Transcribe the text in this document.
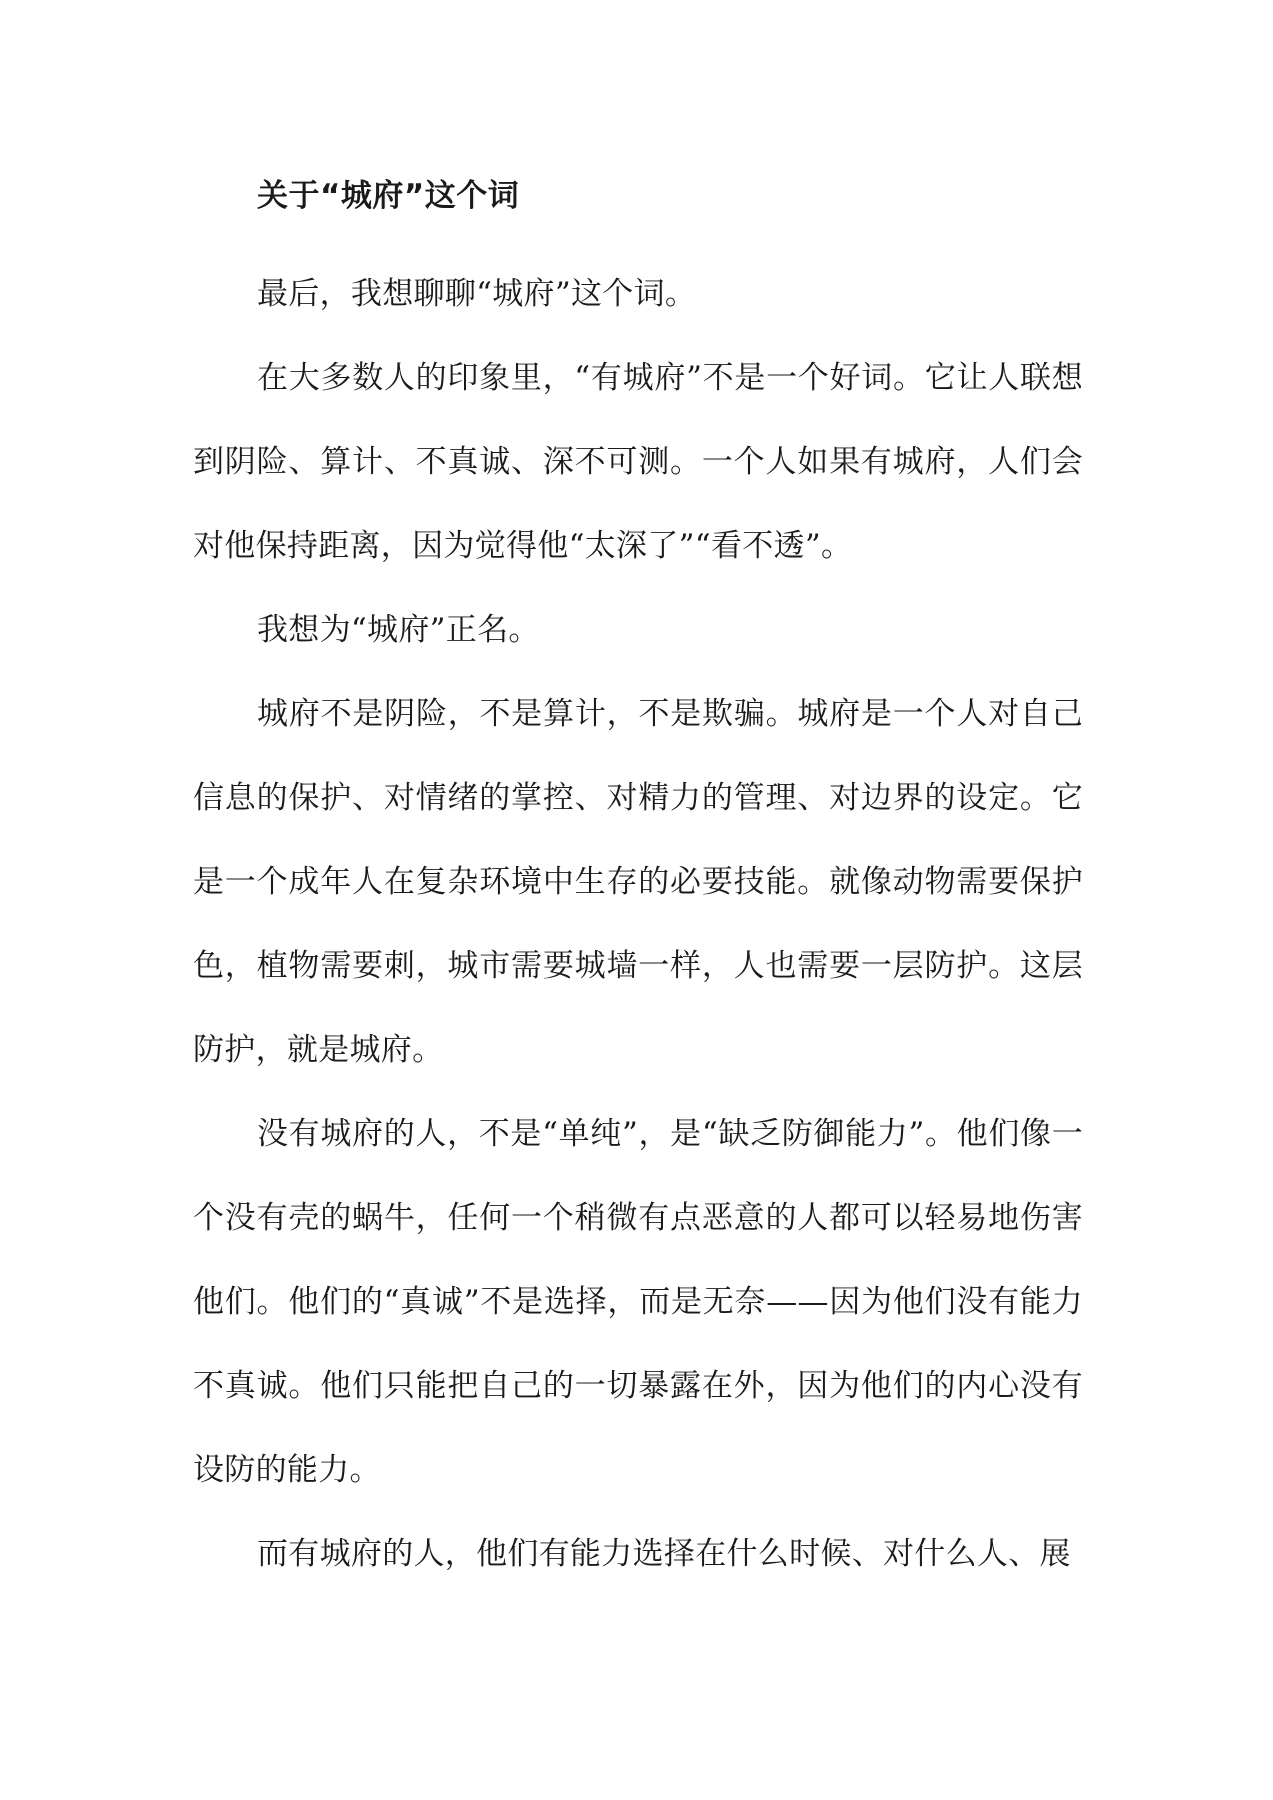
关于“城府”这个词

最后，我想聊聊“城府”这个词。

在大多数人的印象里，“有城府”不是一个好词。它让人联想到阴险、算计、不真诚、深不可测。一个人如果有城府，人们会对他保持距离，因为觉得他“太深了”“看不透”。

我想为“城府”正名。

城府不是阴险，不是算计，不是欺骗。城府是一个人对自己信息的保护、对情绪的掌控、对精力的管理、对边界的设定。它是一个成年人在复杂环境中生存的必要技能。就像动物需要保护色，植物需要刺，城市需要城墙一样，人也需要一层防护。这层防护，就是城府。

没有城府的人，不是“单纯”，是“缺乏防御能力”。他们像一个没有壳的蜗牛，任何一个稍微有点恶意的人都可以轻易地伤害他们。他们的“真诚”不是选择，而是无奈——因为他们没有能力不真诚。他们只能把自己的一切暴露在外，因为他们的内心没有设防的能力。

而有城府的人，他们有能力选择在什么时候、对什么人、展
